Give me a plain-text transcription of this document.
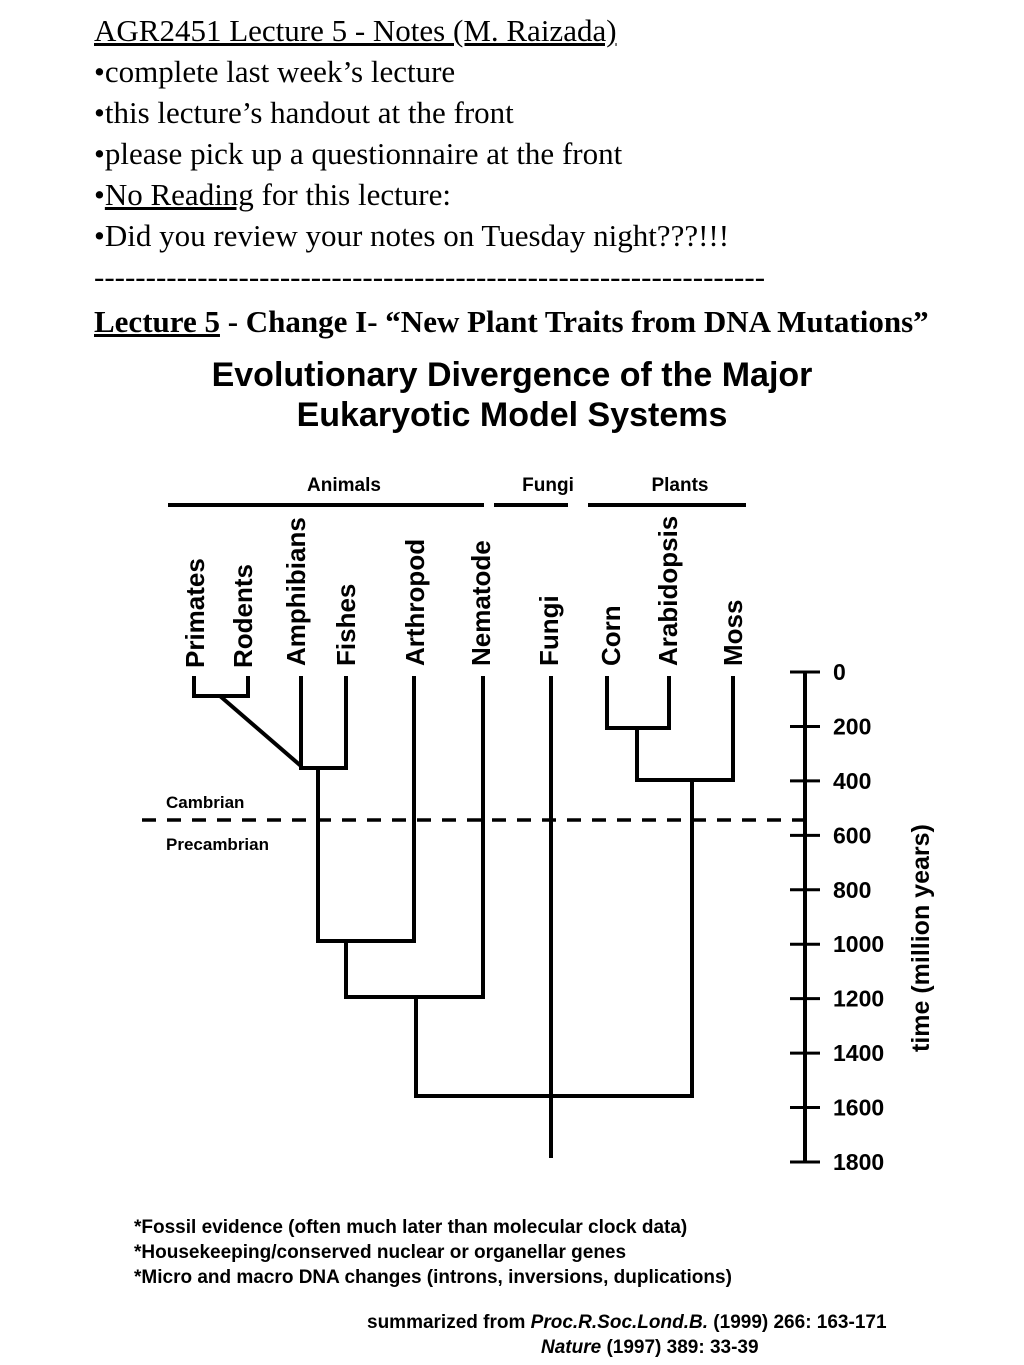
AGR2451 Lecture 5 - Notes (M. Raizada)
•complete last week’s lecture
•this lecture’s handout at the front
•please pick up a questionnaire at the front
•No Reading for this lecture:
•Did you review your notes on Tuesday night???!!!
-----------------------------------------------------------------
Lecture 5 - Change I- “New Plant Traits from DNA Mutations”
Evolutionary Divergence of the Major
Eukaryotic Model Systems
Animals	Fungi	Plants
Primates Rodents Amphibians Fishes Arthropod Nematode Fungi Corn Arabidopsis Moss
Cambrian
Precambrian
0
200
400
600
800
1000
1200
1400
1600
1800
time (million years)
*Fossil evidence (often much later than molecular clock data)
*Housekeeping/conserved nuclear or organellar genes
*Micro and macro DNA changes (introns, inversions, duplications)
summarized from Proc.R.Soc.Lond.B. (1999) 266: 163-171
Nature (1997) 389: 33-39
